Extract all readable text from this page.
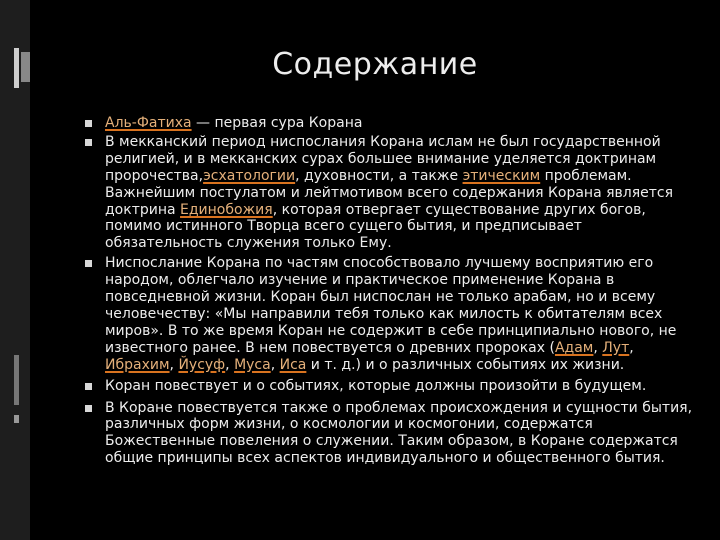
Содержание
Аль-Фатиха — первая сура Корана
В мекканский период ниспослания Корана ислам не был государственной религией, и в мекканских сурах большее внимание уделяется доктринам пророчества,эсхатологии, духовности, а также этическим проблемам. Важнейшим постулатом и лейтмотивом всего содержания Корана является доктрина Единобожия, которая отвергает существование других богов, помимо истинного Творца всего сущего бытия, и предписывает обязательность служения только Ему.
Ниспослание Корана по частям способствовало лучшему восприятию его народом, облегчало изучение и практическое применение Корана в повседневной жизни. Коран был ниспослан не только арабам, но и всему человечеству: «Мы направили тебя только как милость к обитателям всех миров». В то же время Коран не содержит в себе принципиально нового, не известного ранее. В нем повествуется о древних пророках (Адам, Лут, Ибрахим, Йусуф, Муса, Иса и т. д.) и о различных событиях их жизни.
Коран повествует и о событиях, которые должны произойти в будущем.
В Коране повествуется также о проблемах происхождения и сущности бытия, различных форм жизни, о космологии и космогонии, содержатся Божественные повеления о служении. Таким образом, в Коране содержатся общие принципы всех аспектов индивидуального и общественного бытия.
